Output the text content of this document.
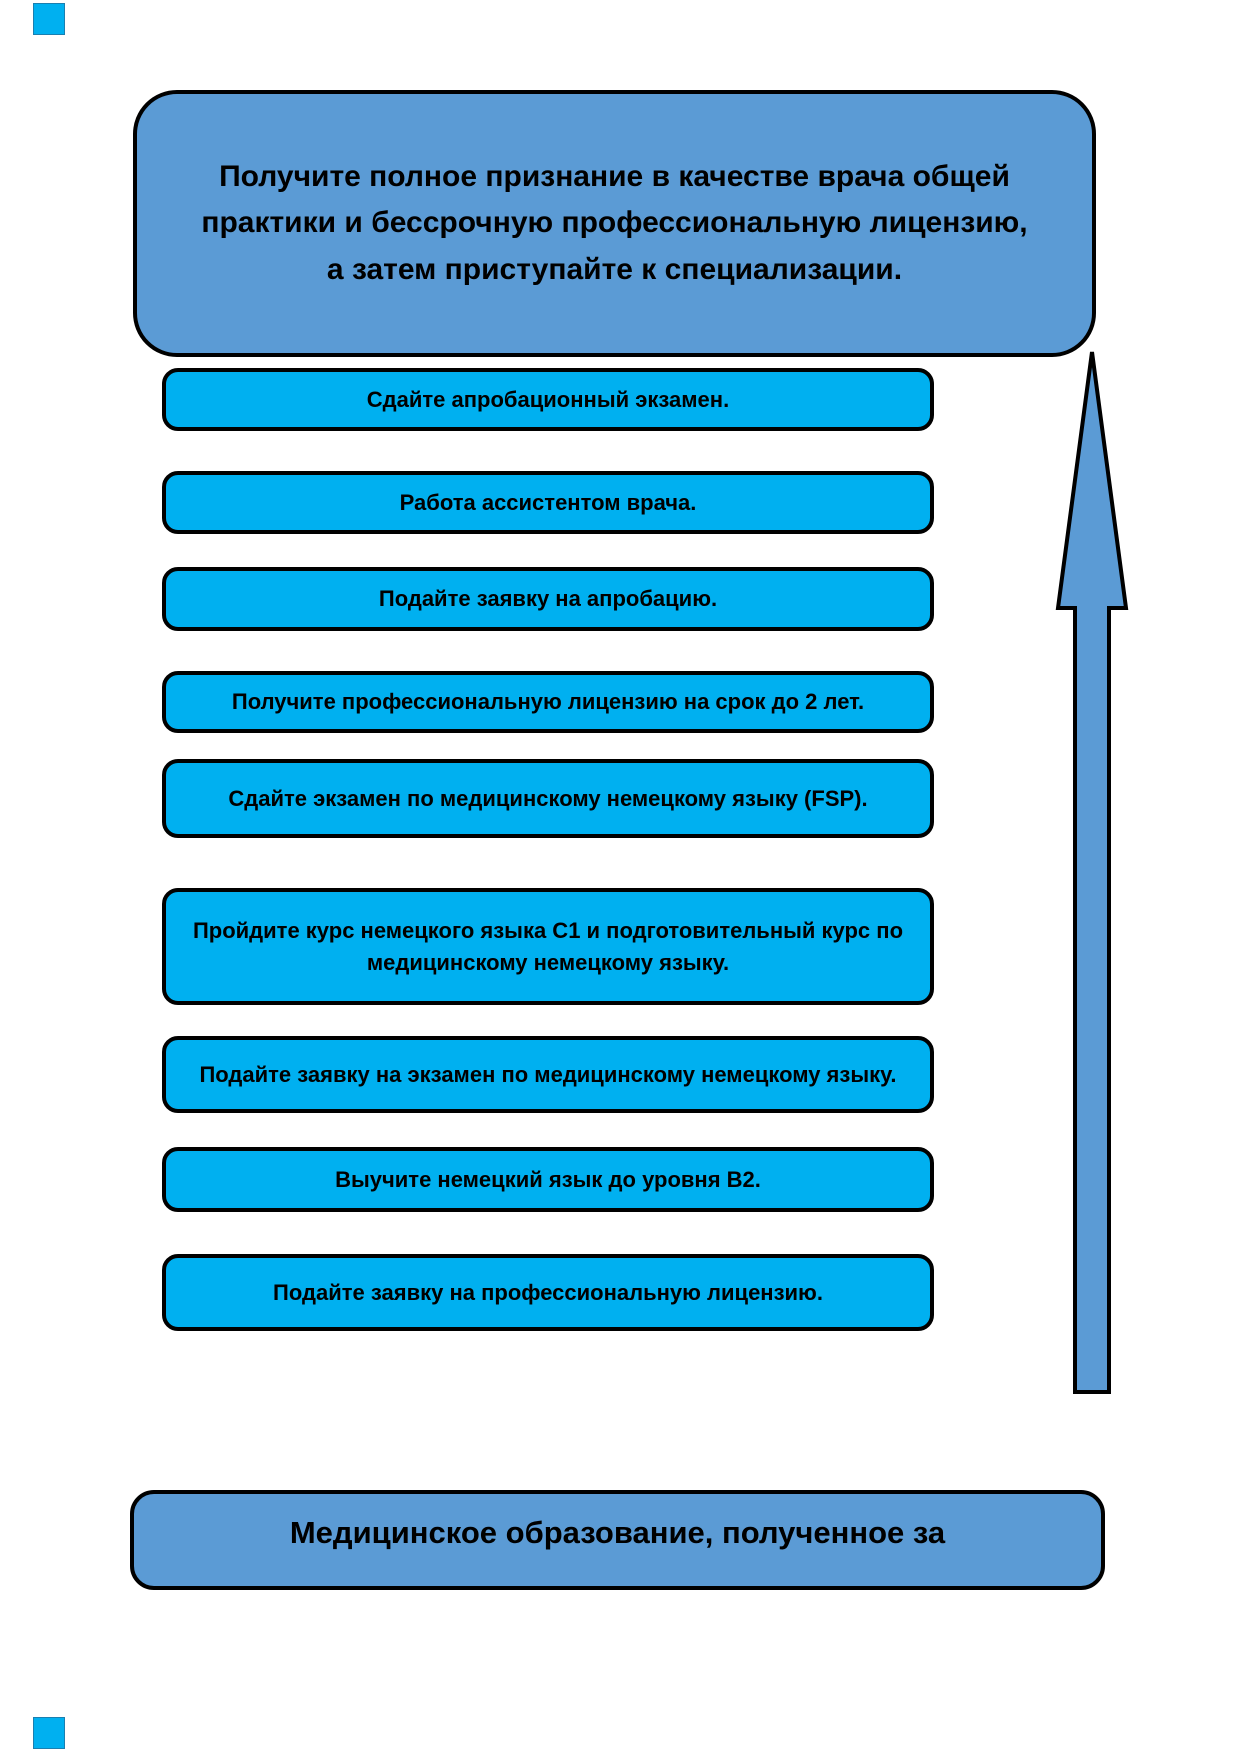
Получите полное признание в качестве врача общей практики и бессрочную профессиональную лицензию, а затем приступайте к специализации.
Сдайте апробационный экзамен.
Работа ассистентом врача.
Подайте заявку на апробацию.
Получите профессиональную лицензию на срок до 2 лет.
Сдайте экзамен по медицинскому немецкому языку (FSP).
Пройдите курс немецкого языка C1 и подготовительный курс по медицинскому немецкому языку.
Подайте заявку на экзамен по медицинскому немецкому языку.
Выучите немецкий язык до уровня B2.
Подайте заявку на профессиональную лицензию.
Медицинское образование, полученное за
